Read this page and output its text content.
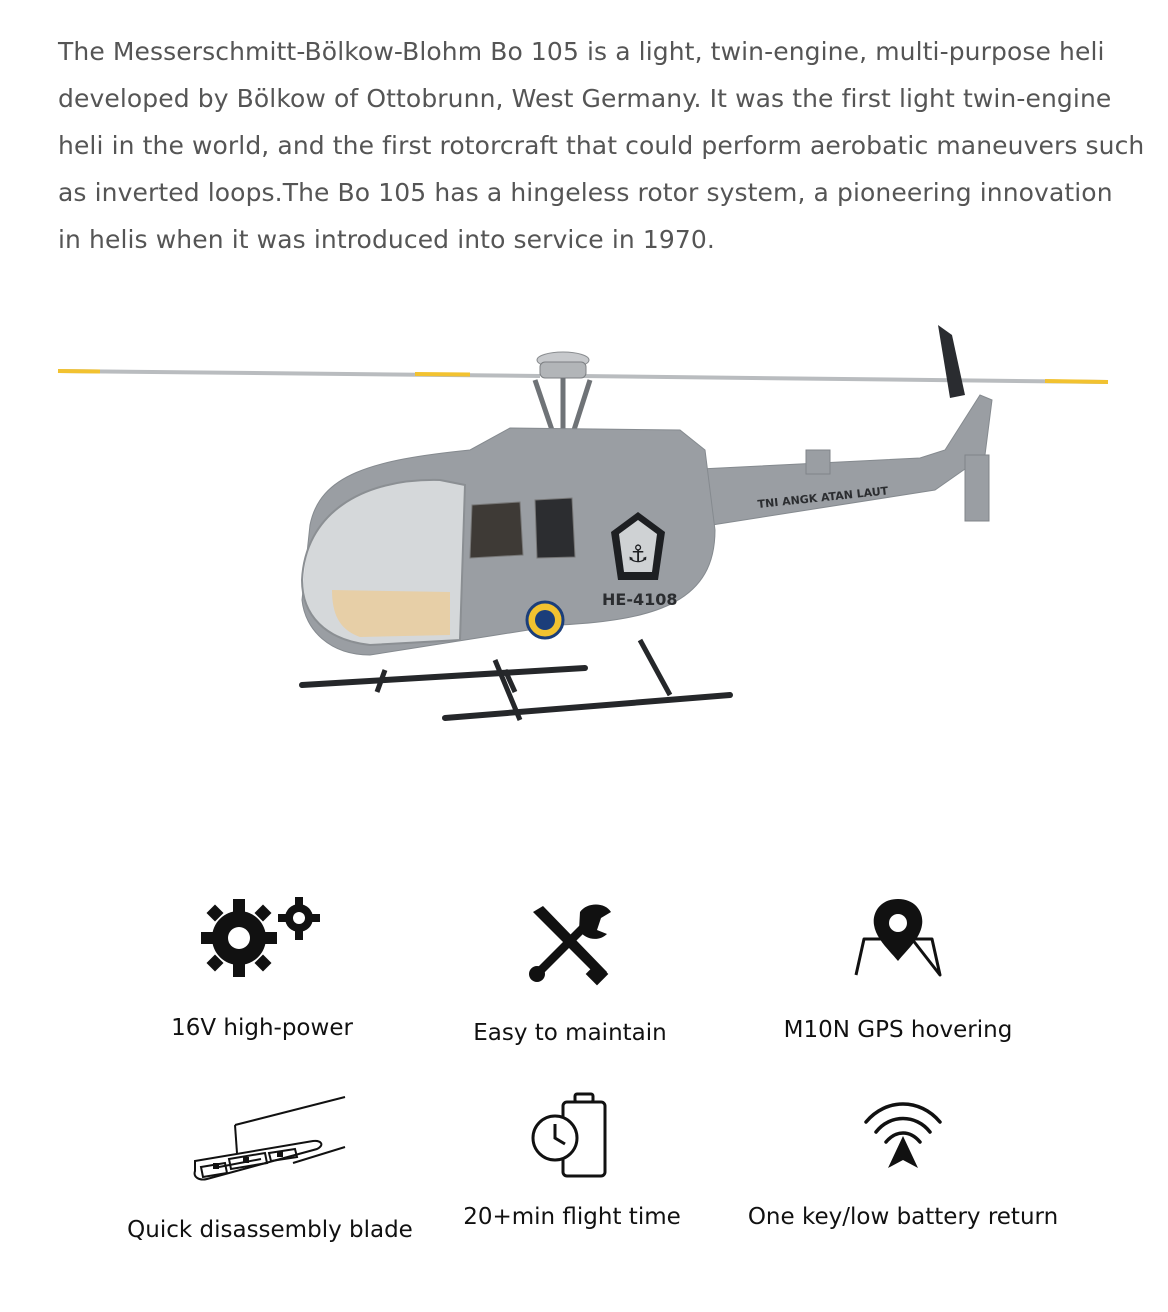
The Messerschmitt-Bölkow-Blohm Bo 105 is a light, twin-engine, multi-purpose heli
developed by Bölkow of Ottobrunn, West Germany. It was the first light twin-engine
heli in the world, and the first rotorcraft that could perform aerobatic maneuvers such
as inverted loops.The Bo 105 has a hingeless rotor system, a pioneering innovation
in helis when it was introduced into service in 1970.
⚓
HE-4108
TNI ANGK ATAN LAUT
16V high-power	Easy to maintain	M10N GPS hovering
Quick disassembly blade	20+min flight time	One key/low battery return
